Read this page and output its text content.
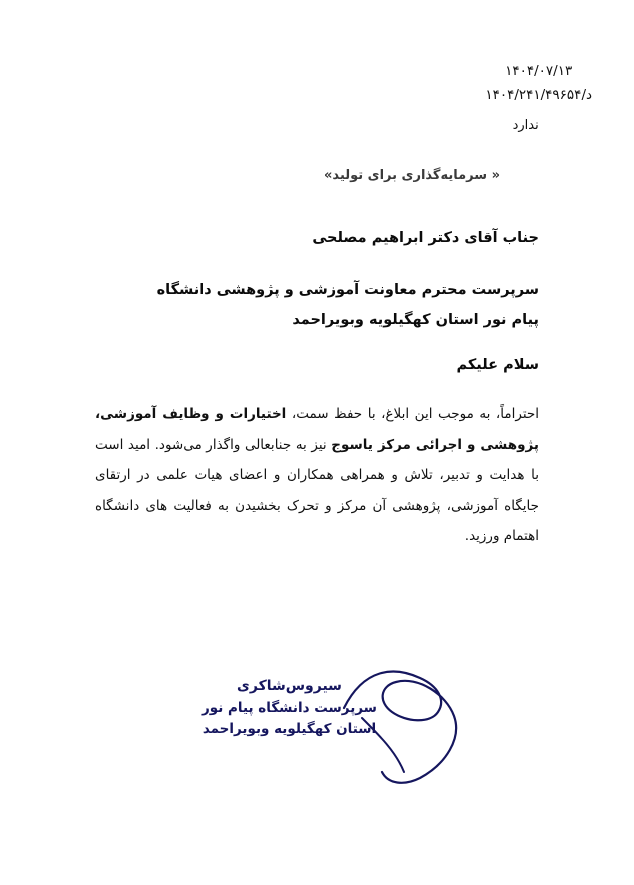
۱۴۰۴/۰۷/۱۳
د/۱۴۰۴/۲۴۱/۴۹۶۵۴
ندارد
« سرمایه‌گذاری برای تولید»
جناب آقای دکتر ابراهیم مصلحی
سرپرست محترم معاونت آموزشی و پژوهشی دانشگاه
پیام نور استان کهگیلویه وبویراحمد
سلام علیکم
احتراماً، به موجب این ابلاغ، با حفظ سمت، اختیارات و وظایف آموزشی، پژوهشی و اجرائی مرکز یاسوج نیز به جنابعالی واگذار می‌شود. امید است با هدایت و تدبیر، تلاش و همراهی همکاران و اعضای هیات علمی در ارتقای جایگاه آموزشی، پژوهشی آن مرکز و تحرک بخشیدن به فعالیت های دانشگاه اهتمام ورزید.
سیروس‌شاکری
سرپرست دانشگاه پیام نور
استان کهگیلویه وبویراحمد
